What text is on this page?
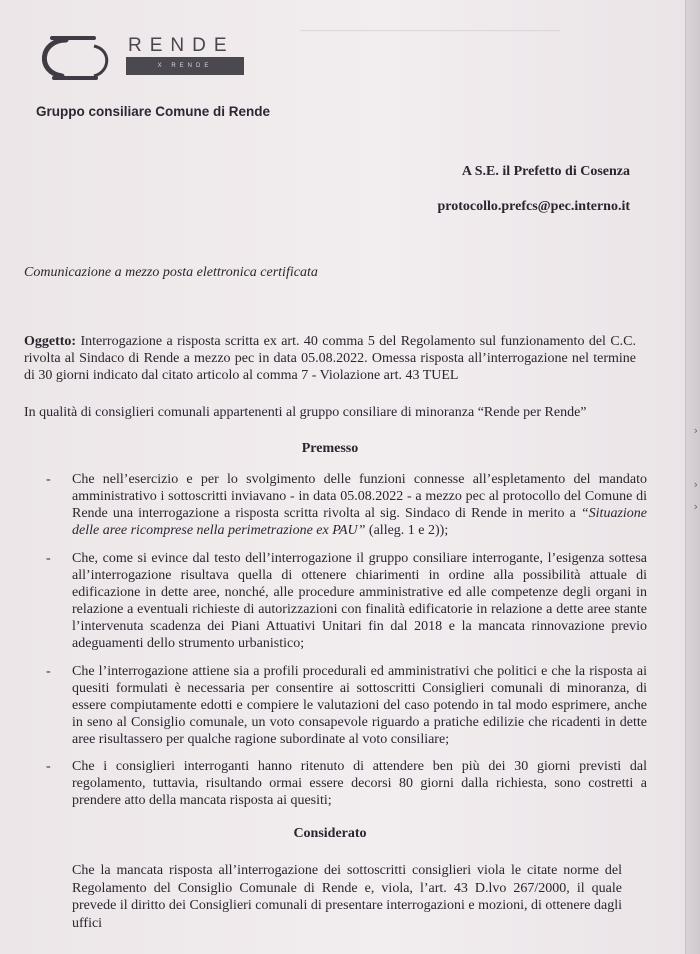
————————————————————
RENDE
X RENDE
Gruppo consiliare Comune di Rende
A S.E. il Prefetto di Cosenza
protocollo.prefcs@pec.interno.it
Comunicazione a mezzo posta elettronica certificata
Oggetto: Interrogazione a risposta scritta ex art. 40 comma 5 del Regolamento sul funzionamento del C.C. rivolta al Sindaco di Rende a mezzo pec in data 05.08.2022. Omessa risposta all’interrogazione nel termine di 30 giorni indicato dal citato articolo al comma 7 - Violazione art. 43 TUEL
In qualità di consiglieri comunali appartenenti al gruppo consiliare di minoranza “Rende per Rende”
Premesso
- Che nell’esercizio e per lo svolgimento delle funzioni connesse all’espletamento del mandato amministrativo i sottoscritti inviavano - in data 05.08.2022 - a mezzo pec al protocollo del Comune di Rende una interrogazione a risposta scritta rivolta al sig. Sindaco di Rende in merito a “Situazione delle aree ricomprese nella perimetrazione ex PAU” (alleg. 1 e 2));
- Che, come si evince dal testo dell’interrogazione il gruppo consiliare interrogante, l’esigenza sottesa all’interrogazione risultava quella di ottenere chiarimenti in ordine alla possibilità attuale di edificazione in dette aree, nonché, alle procedure amministrative ed alle competenze degli organi in relazione a eventuali richieste di autorizzazioni con finalità edificatorie in relazione a dette aree stante l’intervenuta scadenza dei Piani Attuativi Unitari fin dal 2018 e la mancata rinnovazione previo adeguamenti dello strumento urbanistico;
- Che l’interrogazione attiene sia a profili procedurali ed amministrativi che politici e che la risposta ai quesiti formulati è necessaria per consentire ai sottoscritti Consiglieri comunali di minoranza, di essere compiutamente edotti e compiere le valutazioni del caso potendo in tal modo esprimere, anche in seno al Consiglio comunale, un voto consapevole riguardo a pratiche edilizie che ricadenti in dette aree risultassero per qualche ragione subordinate al voto consiliare;
- Che i consiglieri interroganti hanno ritenuto di attendere ben più dei 30 giorni previsti dal regolamento, tuttavia, risultando ormai essere decorsi 80 giorni dalla richiesta, sono costretti a prendere atto della mancata risposta ai quesiti;
Considerato
Che la mancata risposta all’interrogazione dei sottoscritti consiglieri viola le citate norme del Regolamento del Consiglio Comunale di Rende e, viola, l’art. 43 D.lvo 267/2000, il quale prevede il diritto dei Consiglieri comunali di presentare interrogazioni e mozioni, di ottenere dagli uffici
›
›
›
